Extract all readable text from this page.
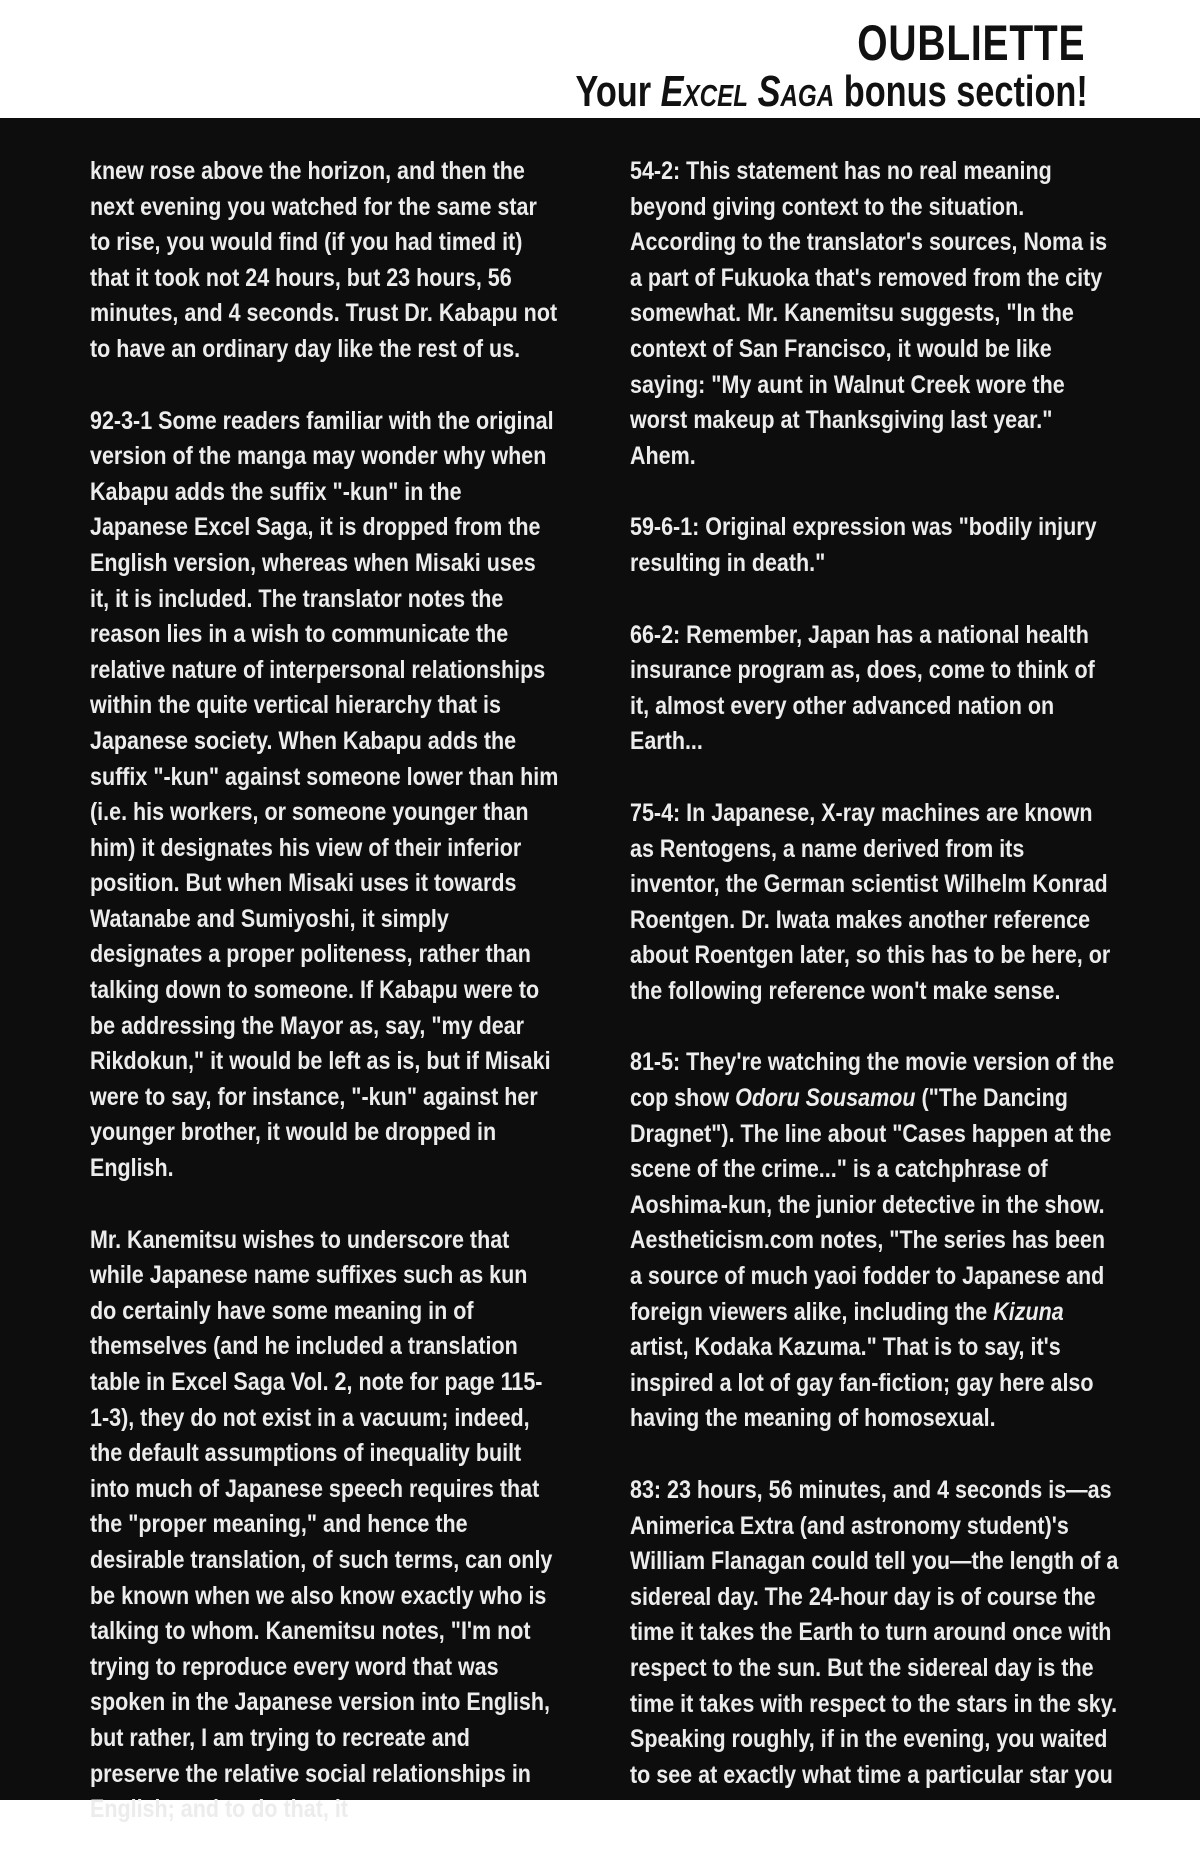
OUBLIETTE
Your Excel Saga bonus section!

knew rose above the horizon, and then the next evening you watched for the same star to rise, you would find (if you had timed it) that it took not 24 hours, but 23 hours, 56 minutes, and 4 seconds. Trust Dr. Kabapu not to have an ordinary day like the rest of us.

92-3-1 Some readers familiar with the original version of the manga may wonder why when Kabapu adds the suffix "-kun" in the Japanese Excel Saga, it is dropped from the English version, whereas when Misaki uses it, it is included. The translator notes the reason lies in a wish to communicate the relative nature of interpersonal relationships within the quite vertical hierarchy that is Japanese society. When Kabapu adds the suffix "-kun" against someone lower than him (i.e. his workers, or someone younger than him) it designates his view of their inferior position. But when Misaki uses it towards Watanabe and Sumiyoshi, it simply designates a proper politeness, rather than talking down to someone. If Kabapu were to be addressing the Mayor as, say, "my dear Rikdokun," it would be left as is, but if Misaki were to say, for instance, "-kun" against her younger brother, it would be dropped in English.

Mr. Kanemitsu wishes to underscore that while Japanese name suffixes such as kun do certainly have some meaning in of themselves (and he included a translation table in Excel Saga Vol. 2, note for page 115-1-3), they do not exist in a vacuum; indeed, the default assumptions of inequality built into much of Japanese speech requires that the "proper meaning," and hence the desirable translation, of such terms, can only be known when we also know exactly who is talking to whom. Kanemitsu notes, "I'm not trying to reproduce every word that was spoken in the Japanese version into English, but rather, I am trying to recreate and preserve the relative social relationships in English; and to do that, it

54-2: This statement has no real meaning beyond giving context to the situation. According to the translator's sources, Noma is a part of Fukuoka that's removed from the city somewhat. Mr. Kanemitsu suggests, "In the context of San Francisco, it would be like saying: "My aunt in Walnut Creek wore the worst makeup at Thanksgiving last year." Ahem.

59-6-1: Original expression was "bodily injury resulting in death."

66-2: Remember, Japan has a national health insurance program as, does, come to think of it, almost every other advanced nation on Earth...

75-4: In Japanese, X-ray machines are known as Rentogens, a name derived from its inventor, the German scientist Wilhelm Konrad Roentgen. Dr. Iwata makes another reference about Roentgen later, so this has to be here, or the following reference won't make sense.

81-5: They're watching the movie version of the cop show Odoru Sousamou ("The Dancing Dragnet"). The line about "Cases happen at the scene of the crime..." is a catchphrase of Aoshima-kun, the junior detective in the show. Aestheticism.com notes, "The series has been a source of much yaoi fodder to Japanese and foreign viewers alike, including the Kizuna artist, Kodaka Kazuma." That is to say, it's inspired a lot of gay fan-fiction; gay here also having the meaning of homosexual.

83: 23 hours, 56 minutes, and 4 seconds is—as Animerica Extra (and astronomy student)'s William Flanagan could tell you—the length of a sidereal day. The 24-hour day is of course the time it takes the Earth to turn around once with respect to the sun. But the sidereal day is the time it takes with respect to the stars in the sky. Speaking roughly, if in the evening, you waited to see at exactly what time a particular star you
